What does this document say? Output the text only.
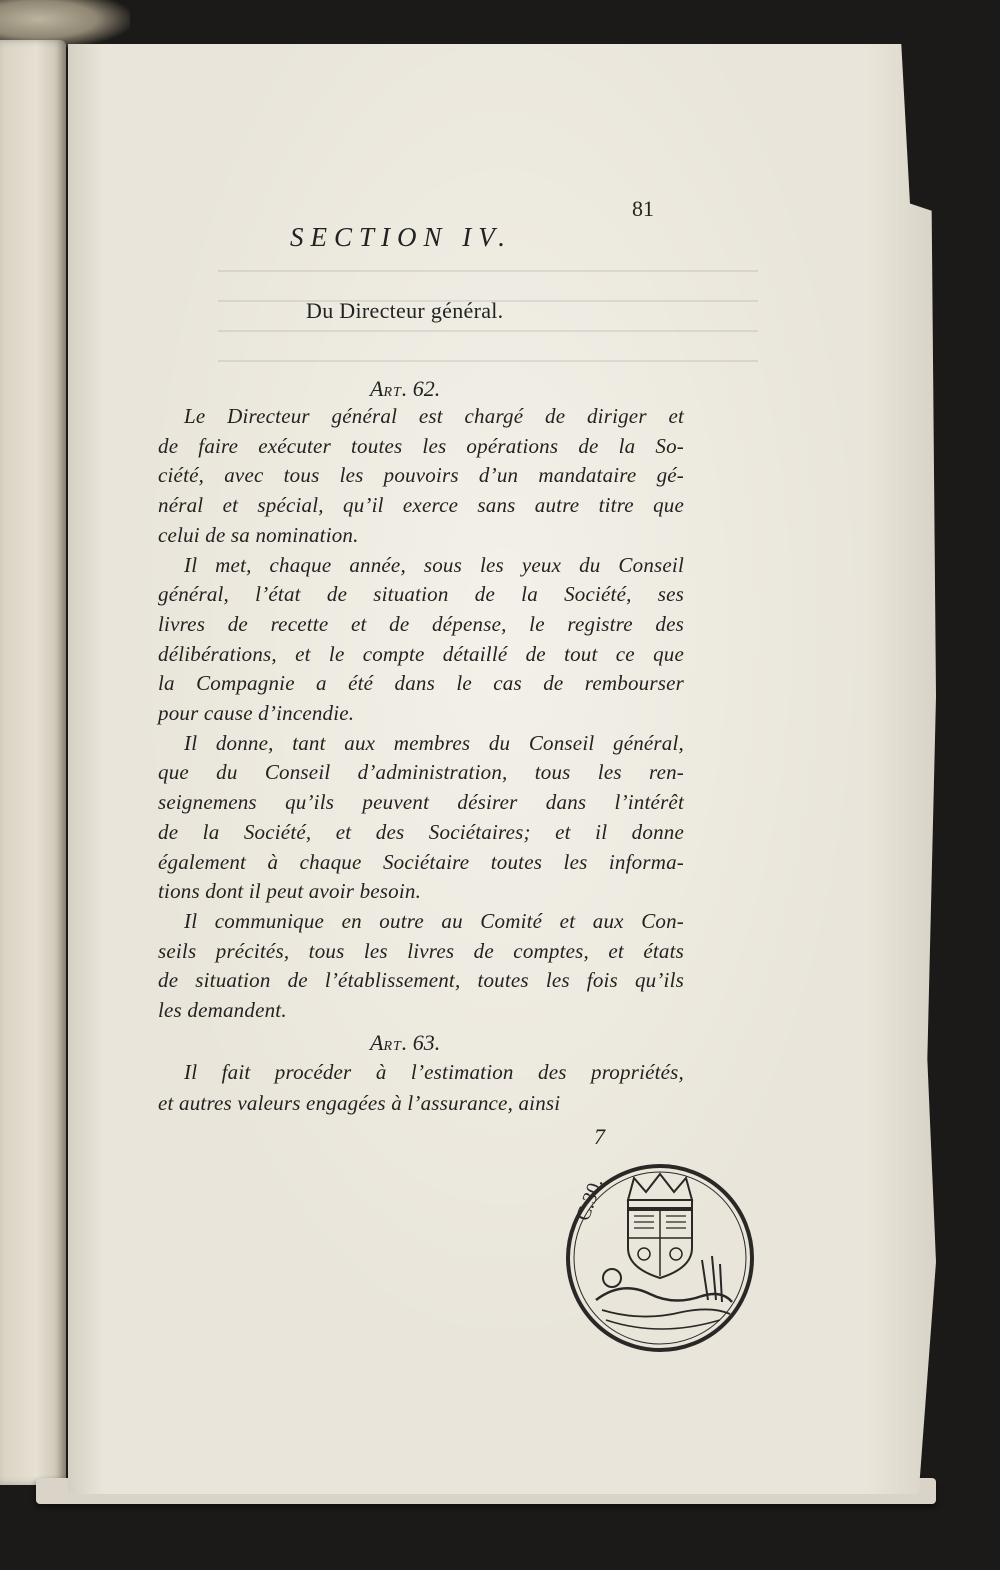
81
SECTION IV.
Du Directeur général.
ART. 62.
Le Directeur général est chargé de diriger et
de faire exécuter toutes les opérations de la So-
ciété, avec tous les pouvoirs d’un mandataire gé-
néral et spécial, qu’il exerce sans autre titre que
celui de sa nomination.
Il met, chaque année, sous les yeux du Conseil
général, l’état de situation de la Société, ses
livres de recette et de dépense, le registre des
délibérations, et le compte détaillé de tout ce que
la Compagnie a été dans le cas de rembourser
pour cause d’incendie.
Il donne, tant aux membres du Conseil général,
que du Conseil d’administration, tous les ren-
seignemens qu’ils peuvent désirer dans l’intérêt
de la Société, et des Sociétaires; et il donne
également à chaque Sociétaire toutes les informa-
tions dont il peut avoir besoin.
Il communique en outre au Comité et aux Con-
seils précités, tous les livres de comptes, et états
de situation de l’établissement, toutes les fois qu’ils
les demandent.
ART. 63.
Il fait procéder à l’estimation des propriétés,
et autres valeurs engagées à l’assurance, ainsi
7
C.30.
